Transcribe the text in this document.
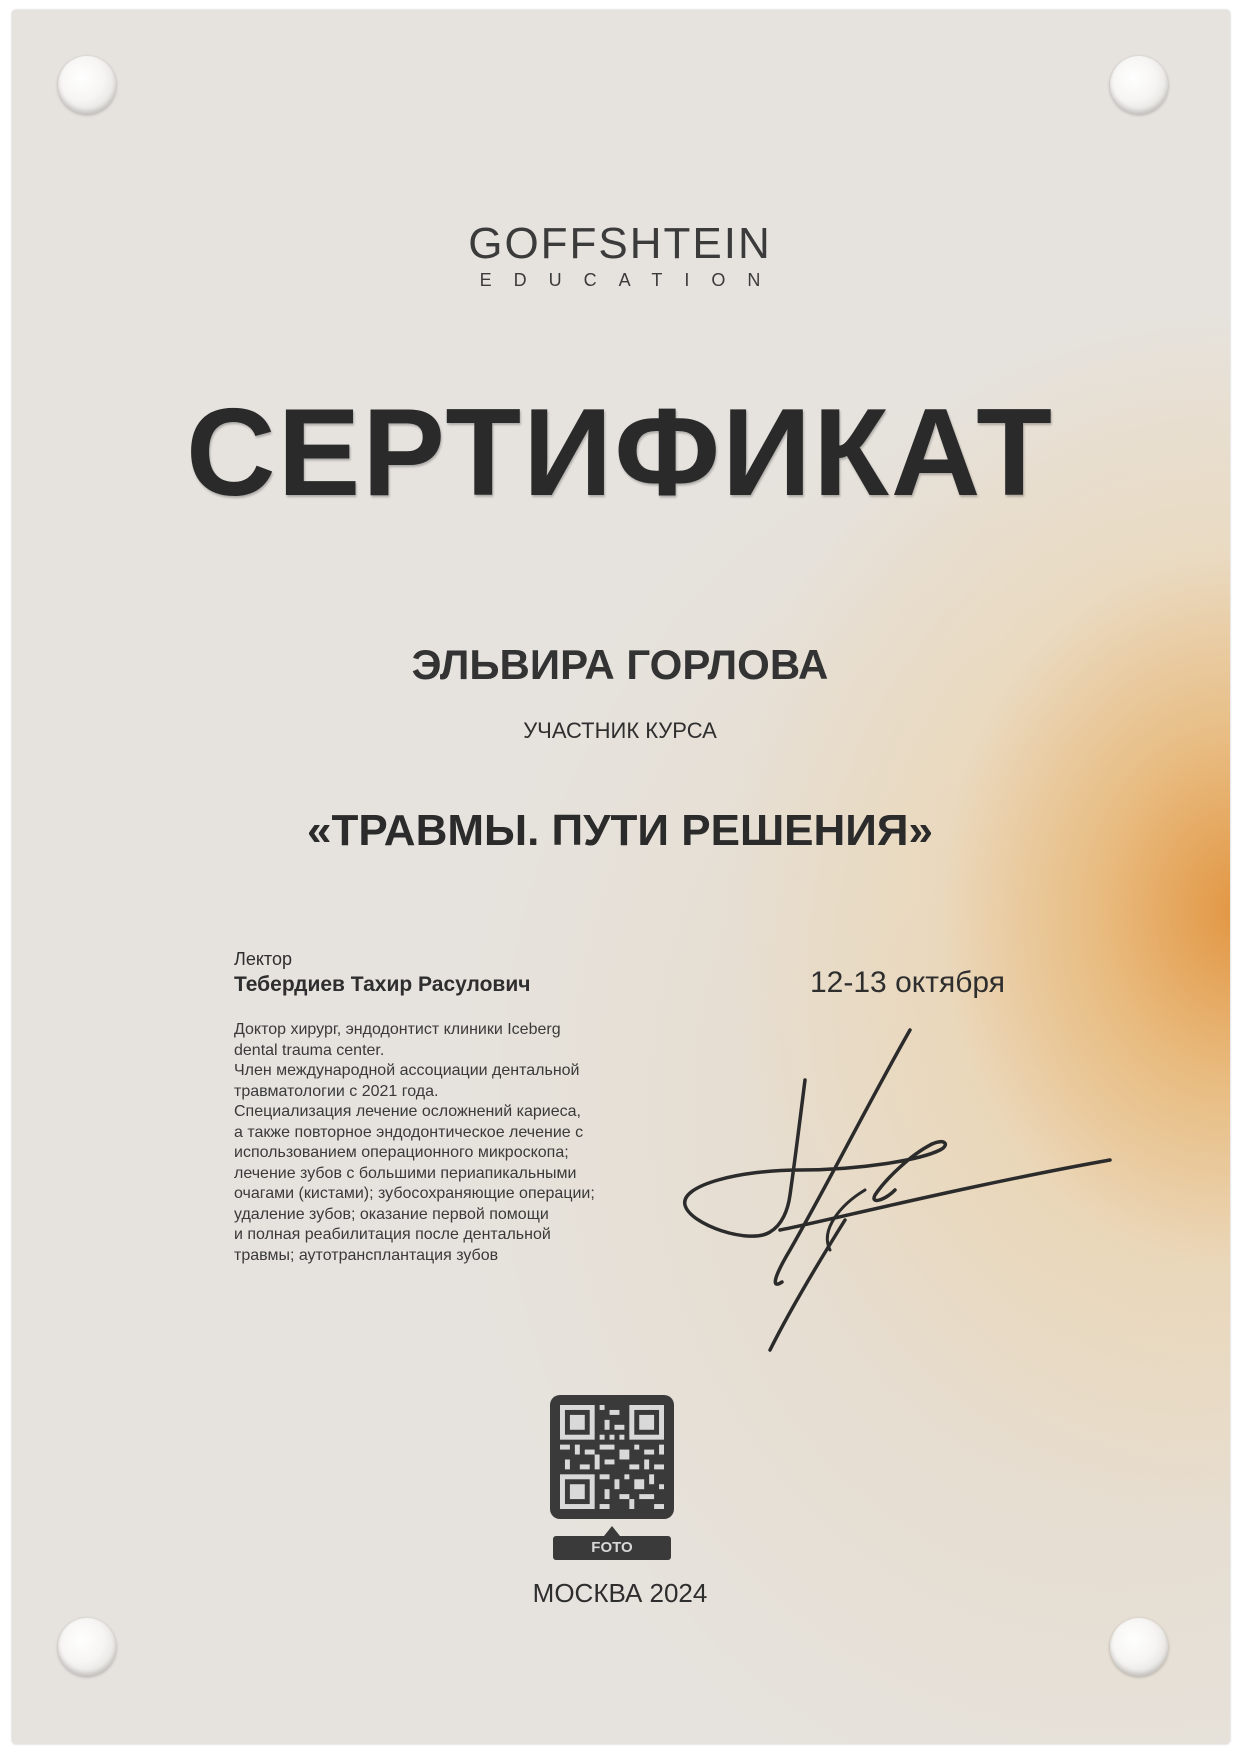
GOFFSHTEIN
EDUCATION
СЕРТИФИКАТ
ЭЛЬВИРА ГОРЛОВА
УЧАСТНИК КУРСА
«ТРАВМЫ. ПУТИ РЕШЕНИЯ»
Лектор
Тебердиев Тахир Расулович
Доктор хирург, эндодонтист клиники Iceberg
dental trauma center.
Член международной ассоциации дентальной
травматологии с 2021 года.
Специализация лечение осложнений кариеса,
а также повторное эндодонтическое лечение с
использованием операционного микроскопа;
лечение зубов с большими периапикальными
очагами (кистами); зубосохраняющие операции;
удаление зубов; оказание первой помощи
и полная реабилитация после дентальной
травмы; аутотрансплантация зубов
12-13 октября
FOTO
МОСКВА 2024
